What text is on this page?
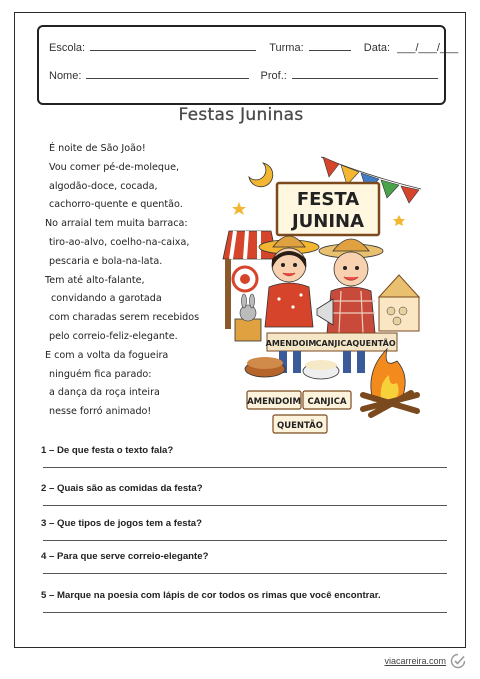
Escola:	Turma:	Data: ___/___/___
Nome:	Prof.:
Festas Juninas
É noite de São João!
Vou comer pé-de-moleque,
algodão-doce, cocada,
cachorro-quente e quentão.
No arraial tem muita barraca:
tiro-ao-alvo, coelho-na-caixa,
pescaria e bola-na-lata.
Tem até alto-falante,
convidando a garotada
com charadas serem recebidos
pelo correio-feliz-elegante.
E com a volta da fogueira
ninguém fica parado:
a dança da roça inteira
nesse forró animado!
FESTA
JUNINA
AMENDOIM CANJICA QUENTÃO
AMENDOIM CANJICA
QUENTÃO
1 – De que festa o texto fala?
2 – Quais são as comidas da festa?
3 – Que tipos de jogos tem a festa?
4 – Para que serve correio-elegante?
5 – Marque na poesia com lápis de cor todos os rimas que você encontrar.
viacarreira.com
